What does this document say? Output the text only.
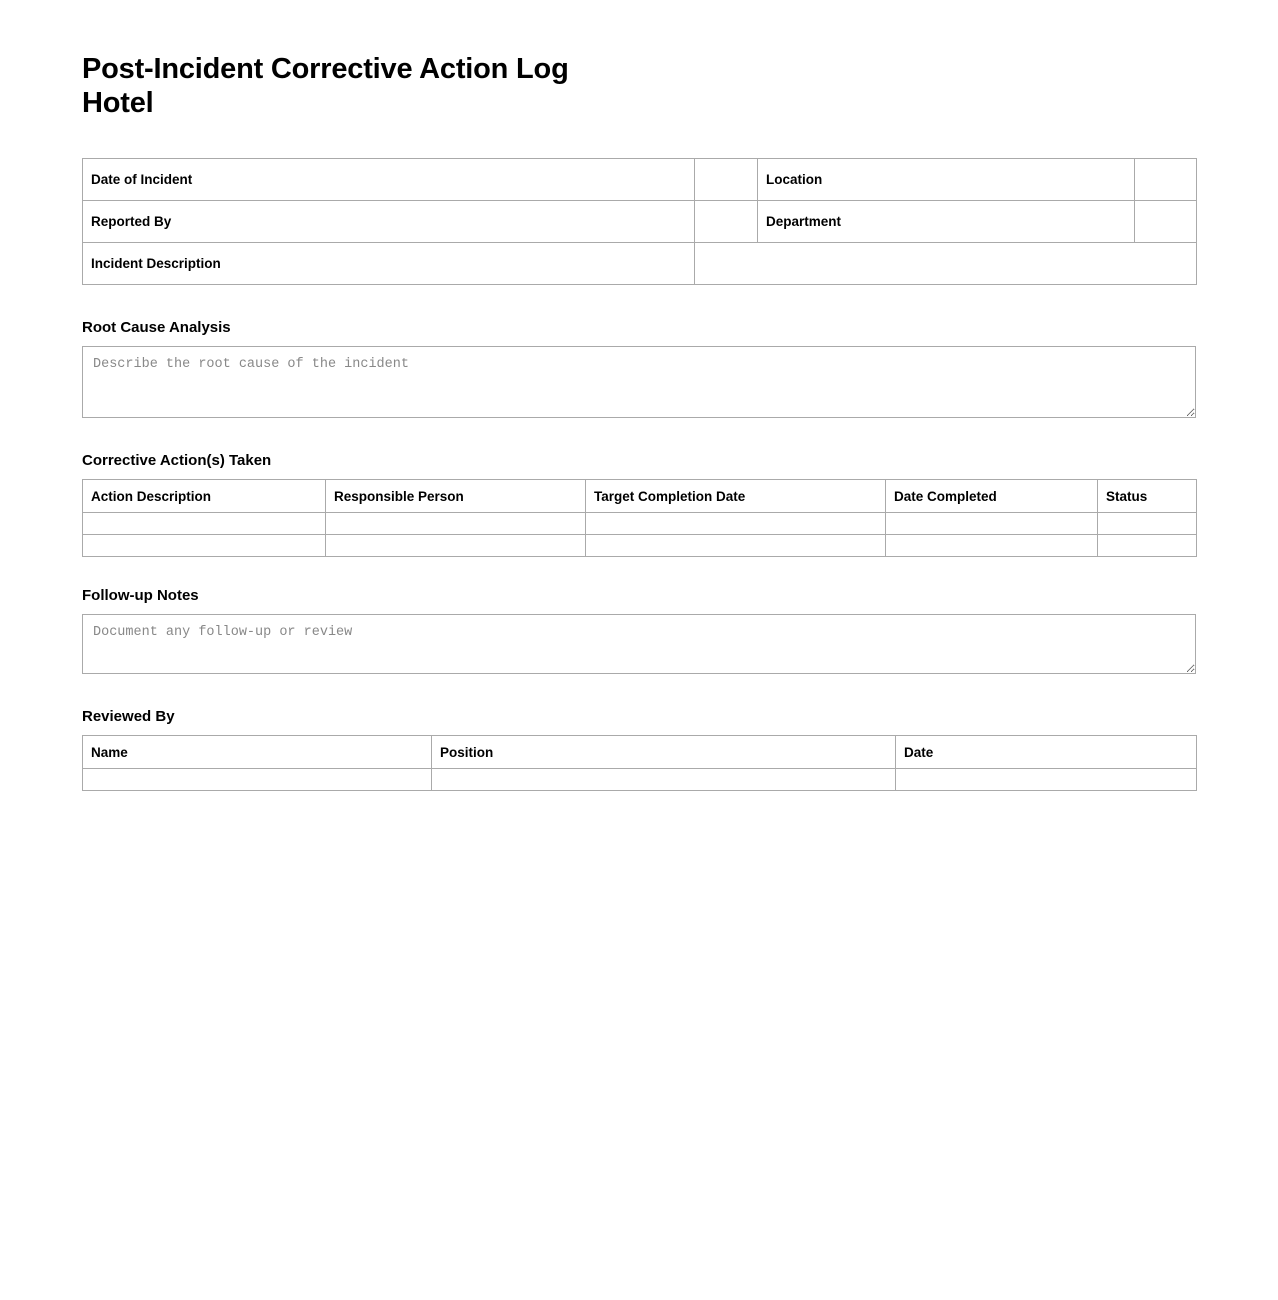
Post-Incident Corrective Action Log
Hotel
Date of Incident		Location	
Reported By		Department	
Incident Description			
Root Cause Analysis
Describe the root cause of the incident
Corrective Action(s) Taken
Action Description	Responsible Person	Target Completion Date	Date Completed	Status

Follow-up Notes
Document any follow-up or review
Reviewed By
Name	Position	Date
